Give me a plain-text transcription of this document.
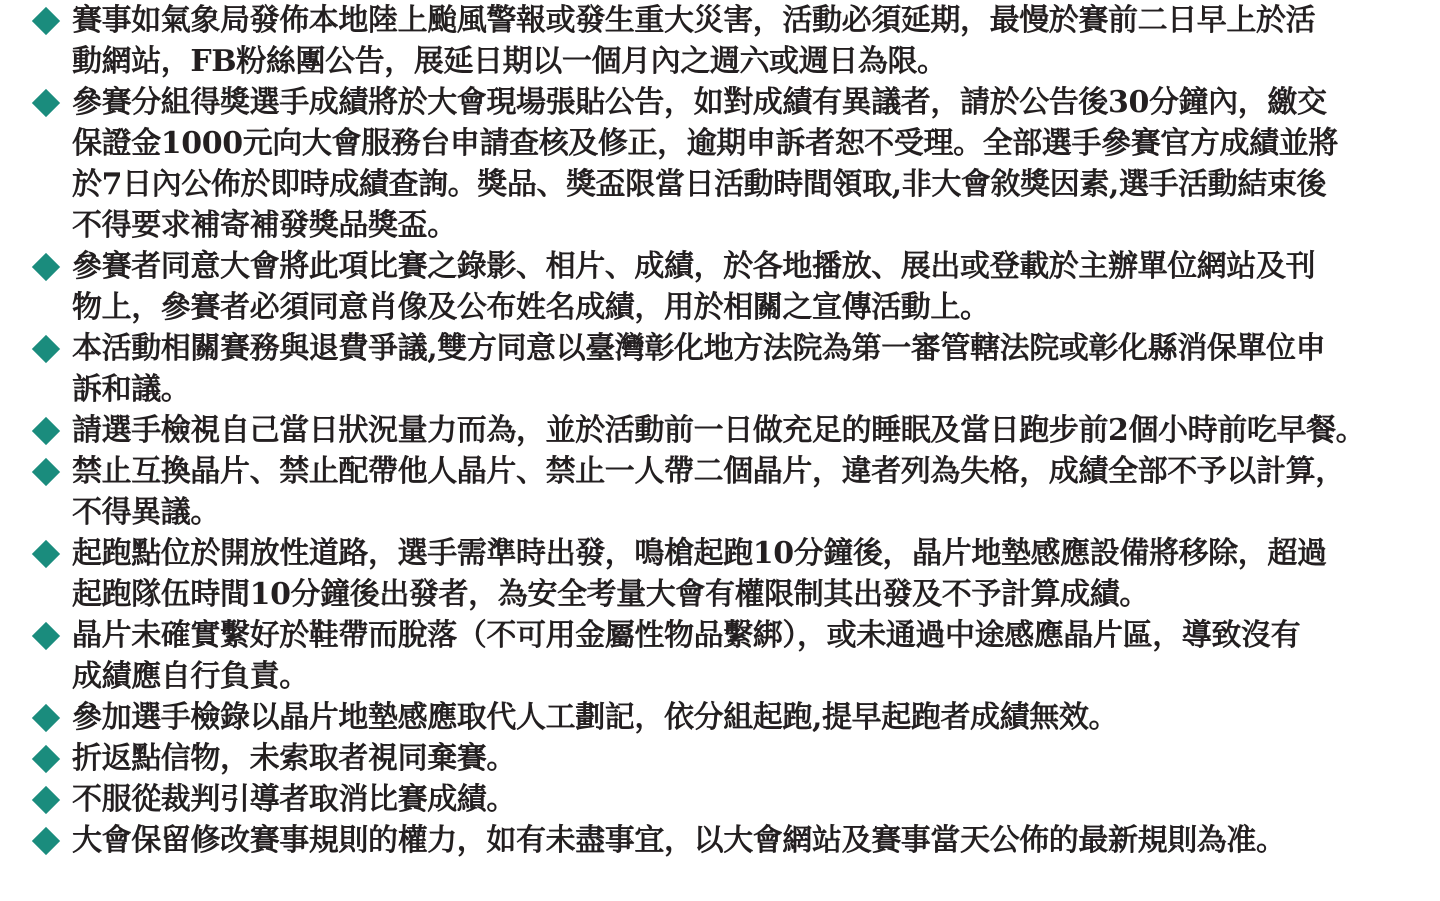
賽事如氣象局發佈本地陸上颱風警報或發生重大災害，活動必須延期，最慢於賽前二日早上於活
動網站，FB粉絲團公告，展延日期以一個月內之週六或週日為限。
參賽分組得獎選手成績將於大會現場張貼公告，如對成績有異議者，請於公告後30分鐘內，繳交
保證金1000元向大會服務台申請查核及修正，逾期申訴者恕不受理。全部選手參賽官方成績並將
於7日內公佈於即時成績查詢。獎品、獎盃限當日活動時間領取,非大會敘獎因素,選手活動結束後
不得要求補寄補發獎品獎盃。
參賽者同意大會將此項比賽之錄影、相片、成績，於各地播放、展出或登載於主辦單位網站及刊
物上，參賽者必須同意肖像及公布姓名成績，用於相關之宣傳活動上。
本活動相關賽務與退費爭議,雙方同意以臺灣彰化地方法院為第一審管轄法院或彰化縣消保單位申
訴和議。
請選手檢視自己當日狀況量力而為，並於活動前一日做充足的睡眠及當日跑步前2個小時前吃早餐。
禁止互換晶片、禁止配帶他人晶片、禁止一人帶二個晶片，違者列為失格，成績全部不予以計算，
不得異議。
起跑點位於開放性道路，選手需準時出發，鳴槍起跑10分鐘後，晶片地墊感應設備將移除，超過
起跑隊伍時間10分鐘後出發者，為安全考量大會有權限制其出發及不予計算成績。
晶片未確實繫好於鞋帶而脫落（不可用金屬性物品繫綁），或未通過中途感應晶片區，導致沒有
成績應自行負責。
參加選手檢錄以晶片地墊感應取代人工劃記，依分組起跑,提早起跑者成績無效。
折返點信物，未索取者視同棄賽。
不服從裁判引導者取消比賽成績。
大會保留修改賽事規則的權力，如有未盡事宜，以大會網站及賽事當天公佈的最新規則為准。
